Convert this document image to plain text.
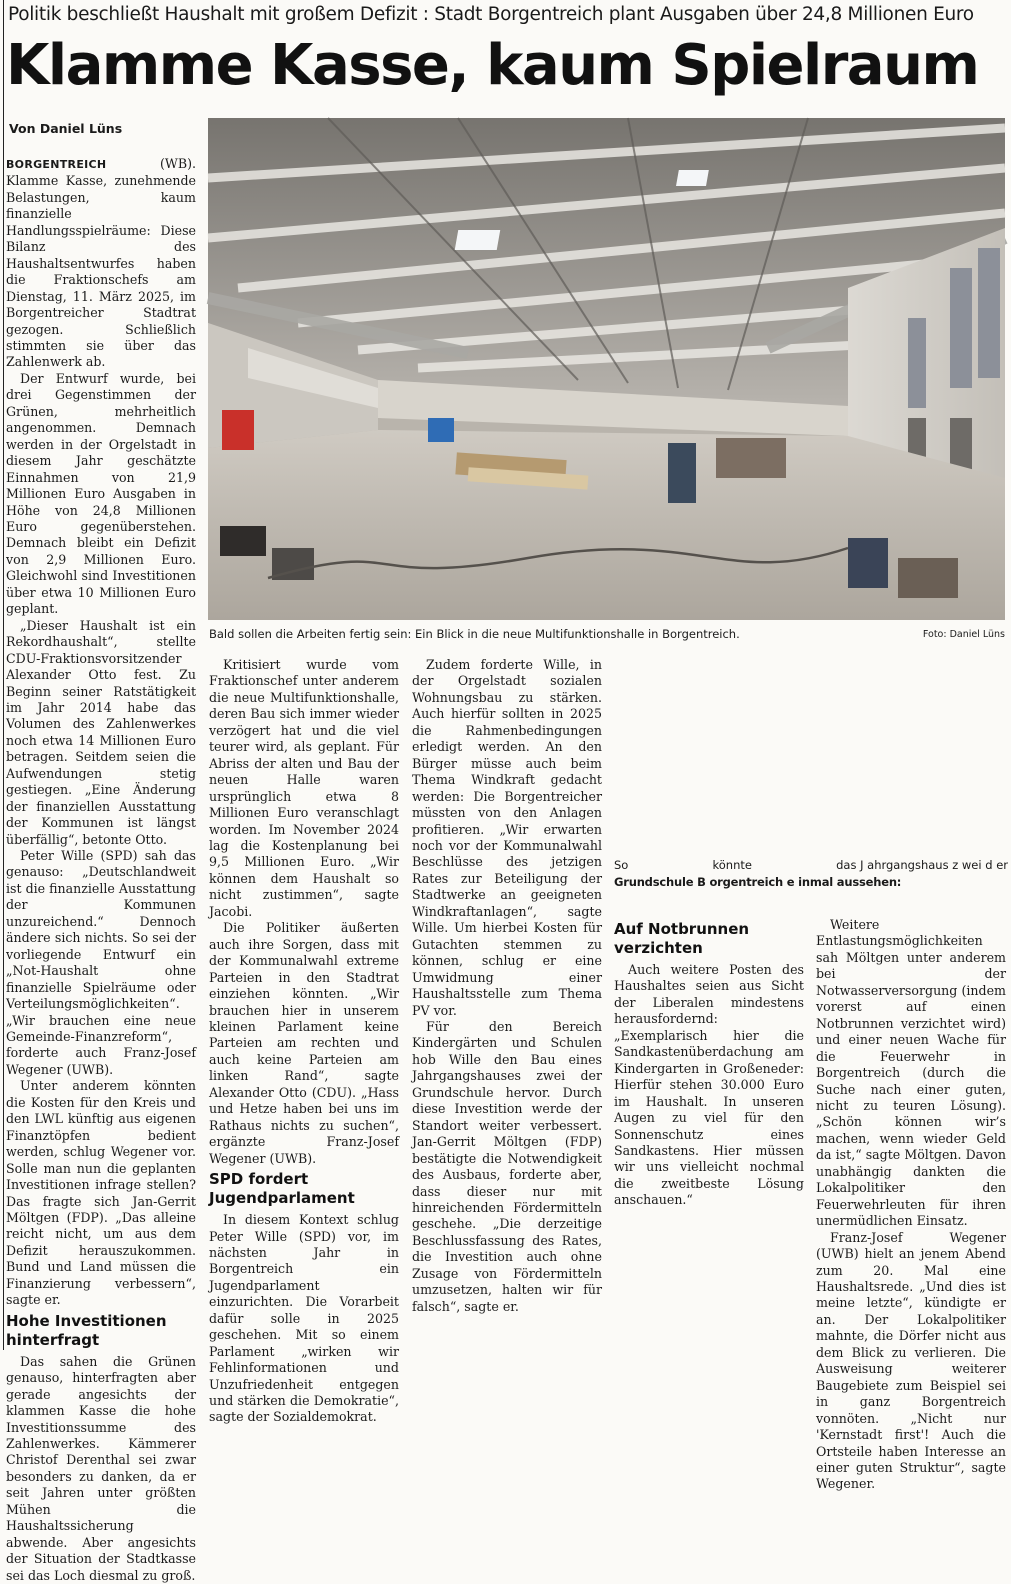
Politik beschließt Haushalt mit großem Defizit : Stadt Borgentreich plant Ausgaben über 24,8 Millionen Euro
Klamme Kasse, kaum Spielraum
Von Daniel Lüns
Bald sollen die Arbeiten fertig sein: Ein Blick in die neue Multifunktionshalle in Borgentreich.	Foto: Daniel Lüns
So	könnte	das J ahrgangshaus z wei d er
Grundschule B orgentreich e inmal aussehen:

BORGENTREICH (WB). Klamme Kasse, zunehmende Belastungen, kaum finanzielle Handlungsspielräume: Diese Bilanz des Haushaltsentwurfes haben die Fraktionschefs am Dienstag, 11. März 2025, im Borgentreicher Stadtrat gezogen. Schließlich stimmten sie über das Zahlenwerk ab.

Der Entwurf wurde, bei drei Gegenstimmen der Grünen, mehrheitlich angenommen. Demnach werden in der Orgelstadt in diesem Jahr geschätzte Einnahmen von 21,9 Millionen Euro Ausgaben in Höhe von 24,8 Millionen Euro gegenüberstehen. Demnach bleibt ein Defizit von 2,9 Millionen Euro. Gleichwohl sind Investitionen über etwa 10 Millionen Euro geplant.

„Dieser Haushalt ist ein Rekordhaushalt“, stellte CDU-Fraktionsvorsitzender Alexander Otto fest. Zu Beginn seiner Ratstätigkeit im Jahr 2014 habe das Volumen des Zahlenwerkes noch etwa 14 Millionen Euro betragen. Seitdem seien die Aufwendungen stetig gestiegen. „Eine Änderung der finanziellen Ausstattung der Kommunen ist längst überfällig“, betonte Otto.

Peter Wille (SPD) sah das genauso: „Deutschlandweit ist die finanzielle Ausstattung der Kommunen unzureichend.“ Dennoch ändere sich nichts. So sei der vorliegende Entwurf ein „Not-Haushalt ohne finanzielle Spielräume oder Verteilungsmöglichkeiten“. „Wir brauchen eine neue Gemeinde-Finanzreform“, forderte auch Franz-Josef Wegener (UWB).

Unter anderem könnten die Kosten für den Kreis und den LWL künftig aus eigenen Finanztöpfen bedient werden, schlug Wegener vor. Solle man nun die geplanten Investitionen infrage stellen? Das fragte sich Jan-Gerrit Möltgen (FDP). „Das alleine reicht nicht, um aus dem Defizit herauszukommen. Bund und Land müssen die Finanzierung verbessern“, sagte er.

Hohe Investitionen hinterfragt

Das sahen die Grünen genauso, hinterfragten aber gerade angesichts der klammen Kasse die hohe Investitionssumme des Zahlenwerkes. Kämmerer Christof Derenthal sei zwar besonders zu danken, da er seit Jahren unter größten Mühen die Haushaltssicherung abwende. Aber angesichts der Situation der Stadtkasse sei das Loch diesmal zu groß.

Kritisiert wurde vom Fraktionschef unter anderem die neue Multifunktionshalle, deren Bau sich immer wieder verzögert hat und die viel teurer wird, als geplant. Für Abriss der alten und Bau der neuen Halle waren ursprünglich etwa 8 Millionen Euro veranschlagt worden. Im November 2024 lag die Kostenplanung bei 9,5 Millionen Euro. „Wir können dem Haushalt so nicht zustimmen“, sagte Jacobi.

Die Politiker äußerten auch ihre Sorgen, dass mit der Kommunalwahl extreme Parteien in den Stadtrat einziehen könnten. „Wir brauchen hier in unserem kleinen Parlament keine Parteien am rechten und auch keine Parteien am linken Rand“, sagte Alexander Otto (CDU). „Hass und Hetze haben bei uns im Rathaus nichts zu suchen“, ergänzte Franz-Josef Wegener (UWB).

SPD fordert Jugendparlament

In diesem Kontext schlug Peter Wille (SPD) vor, im nächsten Jahr in Borgentreich ein Jugendparlament einzurichten. Die Vorarbeit dafür solle in 2025 geschehen. Mit so einem Parlament „wirken wir Fehlinformationen und Unzufriedenheit entgegen und stärken die Demokratie“, sagte der Sozialdemokrat.

Zudem forderte Wille, in der Orgelstadt sozialen Wohnungsbau zu stärken. Auch hierfür sollten in 2025 die Rahmenbedingungen erledigt werden. An den Bürger müsse auch beim Thema Windkraft gedacht werden: Die Borgentreicher müssten von den Anlagen profitieren. „Wir erwarten noch vor der Kommunalwahl Beschlüsse des jetzigen Rates zur Beteiligung der Stadtwerke an geeigneten Windkraftanlagen“, sagte Wille. Um hierbei Kosten für Gutachten stemmen zu können, schlug er eine Umwidmung einer Haushaltsstelle zum Thema PV vor.

Für den Bereich Kindergärten und Schulen hob Wille den Bau eines Jahrgangshauses zwei der Grundschule hervor. Durch diese Investition werde der Standort weiter verbessert. Jan-Gerrit Möltgen (FDP) bestätigte die Notwendigkeit des Ausbaus, forderte aber, dass dieser nur mit hinreichenden Fördermitteln geschehe. „Die derzeitige Beschlussfassung des Rates, die Investition auch ohne Zusage von Fördermitteln umzusetzen, halten wir für falsch“, sagte er.

Auf Notbrunnen verzichten

Auch weitere Posten des Haushaltes seien aus Sicht der Liberalen mindestens herausfordernd: „Exemplarisch hier die Sandkastenüberdachung am Kindergarten in Großeneder: Hierfür stehen 30.000 Euro im Haushalt. In unseren Augen zu viel für den Sonnenschutz eines Sandkastens. Hier müssen wir uns vielleicht nochmal die zweitbeste Lösung anschauen.“

Weitere Entlastungsmöglichkeiten sah Möltgen unter anderem bei der Notwasserversorgung (indem vorerst auf einen Notbrunnen verzichtet wird) und einer neuen Wache für die Feuerwehr in Borgentreich (durch die Suche nach einer guten, nicht zu teuren Lösung). „Schön können wir’s machen, wenn wieder Geld da ist,“ sagte Möltgen. Davon unabhängig dankten die Lokalpolitiker den Feuerwehrleuten für ihren unermüdlichen Einsatz.

Franz-Josef Wegener (UWB) hielt an jenem Abend zum 20. Mal eine Haushaltsrede. „Und dies ist meine letzte“, kündigte er an. Der Lokalpolitiker mahnte, die Dörfer nicht aus dem Blick zu verlieren. Die Ausweisung weiterer Baugebiete zum Beispiel sei in ganz Borgentreich vonnöten. „Nicht nur 'Kernstadt first'! Auch die Ortsteile haben Interesse an einer guten Struktur“, sagte Wegener.
